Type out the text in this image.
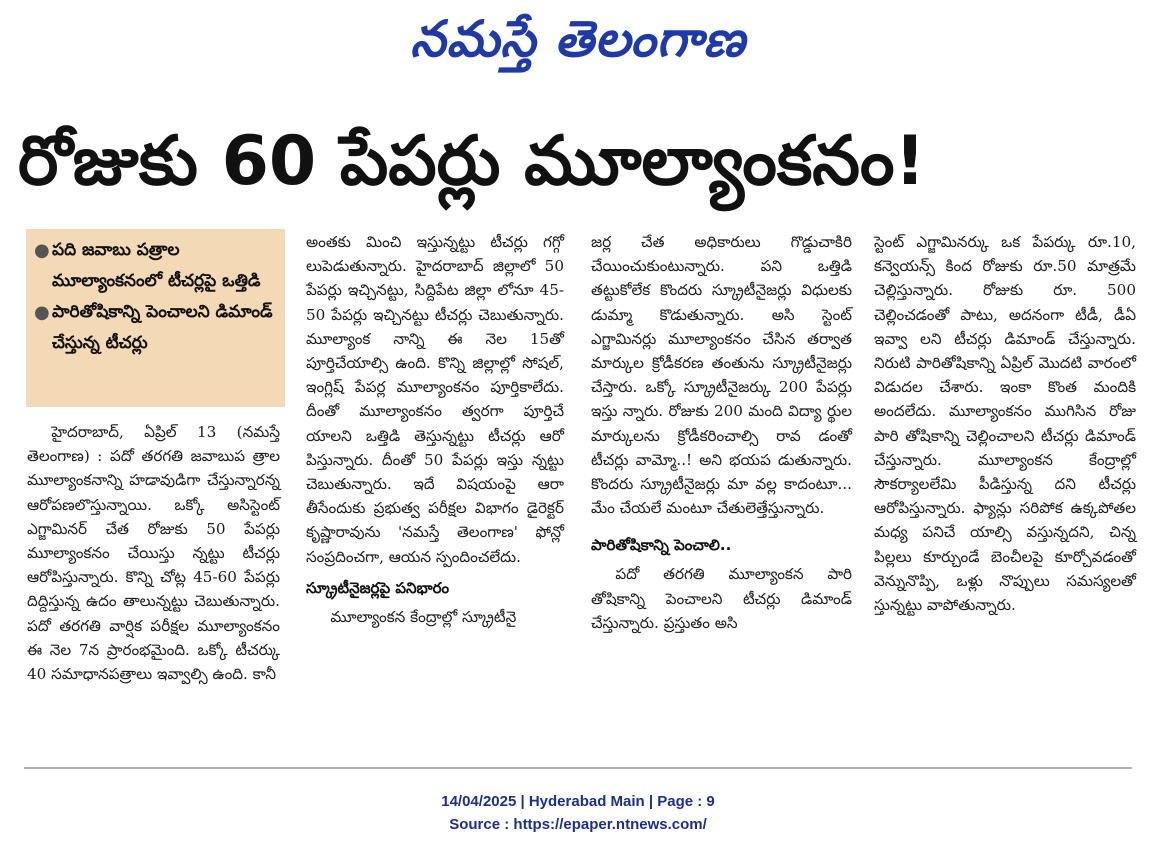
నమస్తే తెలంగాణ
రోజుకు 60 పేపర్లు మూల్యాంకనం!
● పది జవాబు పత్రాల మూల్యాంకనంలో టీచర్లపై ఒత్తిడి
● పారితోషికాన్ని పెంచాలని డిమాండ్ చేస్తున్న టీచర్లు

హైదరాబాద్, ఏప్రిల్ 13 (నమస్తే తెలంగాణ) : పదో తరగతి జవాబుప త్రాల మూల్యాంకనాన్ని హడావుడిగా చేస్తున్నారన్న ఆరోపణలొస్తున్నాయి. ఒక్కో అసిస్టెంట్ ఎగ్జామినర్ చేత రోజుకు 50 పేపర్లు మూల్యాంకనం చేయిస్తు న్నట్టు టీచర్లు ఆరోపిస్తున్నారు. కొన్ని చోట్ల 45-60 పేపర్లు దిద్దిస్తున్న ఉదం తాలున్నట్టు చెబుతున్నారు. పదో తరగతి వార్షిక పరీక్షల మూల్యాంకనం ఈ నెల 7న ప్రారంభమైంది. ఒక్కో టీచర్కు 40 సమాధానపత్రాలు ఇవ్వాల్సి ఉంది. కానీ

అంతకు మించి ఇస్తున్నట్టు టీచర్లు గగ్గో లుపెడుతున్నారు. హైదరాబాద్ జిల్లాలో 50 పేపర్లు ఇచ్చినట్టు, సిద్దిపేట జిల్లా లోనూ 45-50 పేపర్లు ఇచ్చినట్టు టీచర్లు చెబుతున్నారు. మూల్యాంక నాన్ని ఈ నెల 15తో పూర్తిచేయాల్సి ఉంది. కొన్ని జిల్లాల్లో సోషల్, ఇంగ్లిష్ పేపర్ల మూల్యాంకనం పూర్తికాలేదు. దీంతో మూల్యాంకనం త్వరగా పూర్తిచే యాలని ఒత్తిడి తెస్తున్నట్టు టీచర్లు ఆరో పిస్తున్నారు. దీంతో 50 పేపర్లు ఇస్తు న్నట్టు చెబుతున్నారు. ఇదే విషయంపై ఆరా తీసేందుకు ప్రభుత్వ పరీక్షల విభాగం డైరెక్టర్ కృష్ణారావును 'నమస్తే తెలంగాణ' ఫోన్లో సంప్రదించగా, ఆయన స్పందించలేదు.

స్క్రూటీనైజర్లపై పనిభారం

మూల్యాంకన కేంద్రాల్లో స్క్రూటీనై

జర్ల చేత అధికారులు గొడ్డుచాకిరి చేయించుకుంటున్నారు. పని ఒత్తిడి తట్టుకోలేక కొందరు స్క్రూటీనైజర్లు విధులకు డుమ్మా కొడుతున్నారు. అసి స్టెంట్ ఎగ్జామినర్లు మూల్యాంకనం చేసిన తర్వాత మార్కుల క్రోడీకరణ తంతును స్క్రూటీనైజర్లు చేస్తారు. ఒక్కో స్క్రూటీనైజర్కు 200 పేపర్లు ఇస్తు న్నారు. రోజుకు 200 మంది విద్యా ర్థుల మార్కులను క్రోడీకరించాల్సి రావ డంతో టీచర్లు వామ్మో..! అని భయప డుతున్నారు. కొందరు స్క్రూటీనైజర్లు మా వల్ల కాదంటూ... మేం చేయలే మంటూ చేతులెత్తేస్తున్నారు.

పారితోషికాన్ని పెంచాలి..

పదో తరగతి మూల్యాంకన పారి తోషికాన్ని పెంచాలని టీచర్లు డిమాండ్ చేస్తున్నారు. ప్రస్తుతం అసి

స్టెంట్ ఎగ్జామినర్కు ఒక పేపర్కు రూ.10, కన్వెయన్స్ కింద రోజుకు రూ.50 మాత్రమే చెల్లిస్తున్నారు. రోజుకు రూ. 500 చెల్లించడంతో పాటు, అదనంగా టీడీ, డీఏ ఇవ్వా లని టీచర్లు డిమాండ్ చేస్తున్నారు. నిరుటి పారితోషికాన్ని ఏప్రిల్ మొదటి వారంలో విడుదల చేశారు. ఇంకా కొంత మందికి అందలేదు. మూల్యాంకనం ముగిసిన రోజు పారి తోషికాన్ని చెల్లించాలని టీచర్లు డిమాండ్ చేస్తున్నారు. మూల్యాంకన కేంద్రాల్లో సౌకర్యాలలేమి పీడిస్తున్న దని టీచర్లు ఆరోపిస్తున్నారు. ఫ్యాన్లు సరిపోక ఉక్కపోతల మధ్య పనిచే యాల్సి వస్తున్నదని, చిన్న పిల్లలు కూర్చుండే బెంచీలపై కూర్చోవడంతో వెన్నునొప్పి, ఒళ్లు నొప్పులు సమస్యలతో స్తున్నట్టు వాపోతున్నారు.

14/04/2025 | Hyderabad Main | Page : 9
Source : https://epaper.ntnews.com/
